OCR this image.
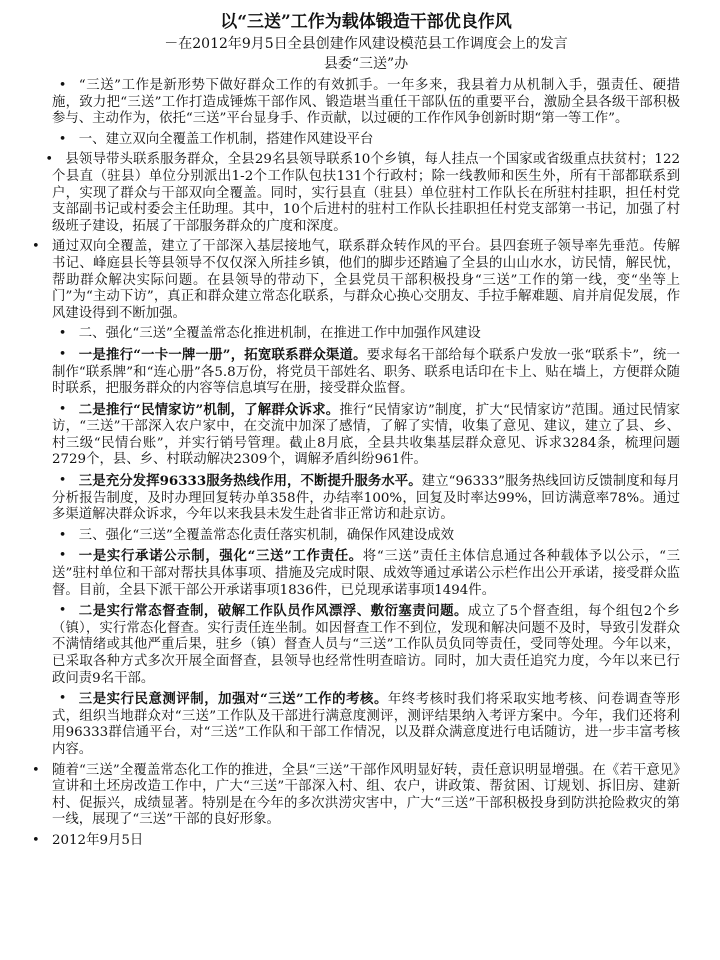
以“三送”工作为载体锻造干部优良作风

－在2012年9月5日全县创建作风建设模范县工作调度会上的发言

县委“三送”办

• “三送”工作是新形势下做好群众工作的有效抓手。一年多来，我县着力从机制入手，强责任、硬措施，致力把“三送”工作打造成锤炼干部作风、锻造堪当重任干部队伍的重要平台，激励全县各级干部积极参与、主动作为，依托“三送”平台显身手、作贡献，以过硬的工作作风争创新时期“第一等工作”。
• 一、建立双向全覆盖工作机制，搭建作风建设平台
• 县领导带头联系服务群众，全县29名县领导联系10个乡镇，每人挂点一个国家或省级重点扶贫村；122个县直（驻县）单位分别派出1-2个工作队包扶131个行政村；除一线教师和医生外，所有干部都联系到户，实现了群众与干部双向全覆盖。同时，实行县直（驻县）单位驻村工作队长在所驻村挂职，担任村党支部副书记或村委会主任助理。其中，10个后进村的驻村工作队长挂职担任村党支部第一书记，加强了村级班子建设，拓展了干部服务群众的广度和深度。
• 通过双向全覆盖，建立了干部深入基层接地气，联系群众转作风的平台。县四套班子领导率先垂范。传解书记、峰庭县长等县领导不仅仅深入所挂乡镇，他们的脚步还踏遍了全县的山山水水，访民情，解民忧，帮助群众解决实际问题。在县领导的带动下，全县党员干部积极投身“三送”工作的第一线，变“坐等上门”为“主动下访”，真正和群众建立常态化联系，与群众心换心交朋友、手拉手解难题、肩并肩促发展，作风建设得到不断加强。
• 二、强化“三送”全覆盖常态化推进机制，在推进工作中加强作风建设
• 一是推行“一卡一牌一册”，拓宽联系群众渠道。要求每名干部给每个联系户发放一张“联系卡”，统一制作“联系牌”和“连心册”各5.8万份，将党员干部姓名、职务、联系电话印在卡上、贴在墙上，方便群众随时联系，把服务群众的内容等信息填写在册，接受群众监督。
• 二是推行“民情家访”机制，了解群众诉求。推行“民情家访”制度，扩大“民情家访”范围。通过民情家访，“三送”干部深入农户家中，在交流中加深了感情，了解了实情，收集了意见、建议，建立了县、乡、村三级“民情台账”，并实行销号管理。截止8月底，全县共收集基层群众意见、诉求3284条，梳理问题2729个，县、乡、村联动解决2309个，调解矛盾纠纷961件。
• 三是充分发挥96333服务热线作用，不断提升服务水平。建立“96333”服务热线回访反馈制度和每月分析报告制度，及时办理回复转办单358件，办结率100%，回复及时率达99%，回访满意率78%。通过多渠道解决群众诉求，今年以来我县未发生赴省非正常访和赴京访。
• 三、强化“三送”全覆盖常态化责任落实机制，确保作风建设成效
• 一是实行承诺公示制，强化“三送”工作责任。将“三送”责任主体信息通过各种载体予以公示，“三送”驻村单位和干部对帮扶具体事项、措施及完成时限、成效等通过承诺公示栏作出公开承诺，接受群众监督。目前，全县下派干部公开承诺事项1836件，已兑现承诺事项1494件。
• 二是实行常态督查制，破解工作队员作风漂浮、敷衍塞责问题。成立了5个督查组，每个组包2个乡（镇），实行常态化督查。实行责任连坐制。如因督查工作不到位，发现和解决问题不及时，导致引发群众不满情绪或其他严重后果，驻乡（镇）督查人员与“三送”工作队员负同等责任，受同等处理。今年以来，已采取各种方式多次开展全面督查，县领导也经常性明查暗访。同时，加大责任追究力度，今年以来已行政问责9名干部。
• 三是实行民意测评制，加强对“三送”工作的考核。年终考核时我们将采取实地考核、问卷调查等形式，组织当地群众对“三送”工作队及干部进行满意度测评，测评结果纳入考评方案中。今年，我们还将利用96333群信通平台，对“三送”工作队和干部工作情况，以及群众满意度进行电话随访，进一步丰富考核内容。
• 随着“三送”全覆盖常态化工作的推进，全县“三送”干部作风明显好转，责任意识明显增强。在《若干意见》宣讲和土坯房改造工作中，广大“三送”干部深入村、组、农户，讲政策、帮贫困、订规划、拆旧房、建新村、促振兴，成绩显著。特别是在今年的多次洪涝灾害中，广大“三送”干部积极投身到防洪抢险救灾的第一线，展现了“三送”干部的良好形象。
• 2012年9月5日
